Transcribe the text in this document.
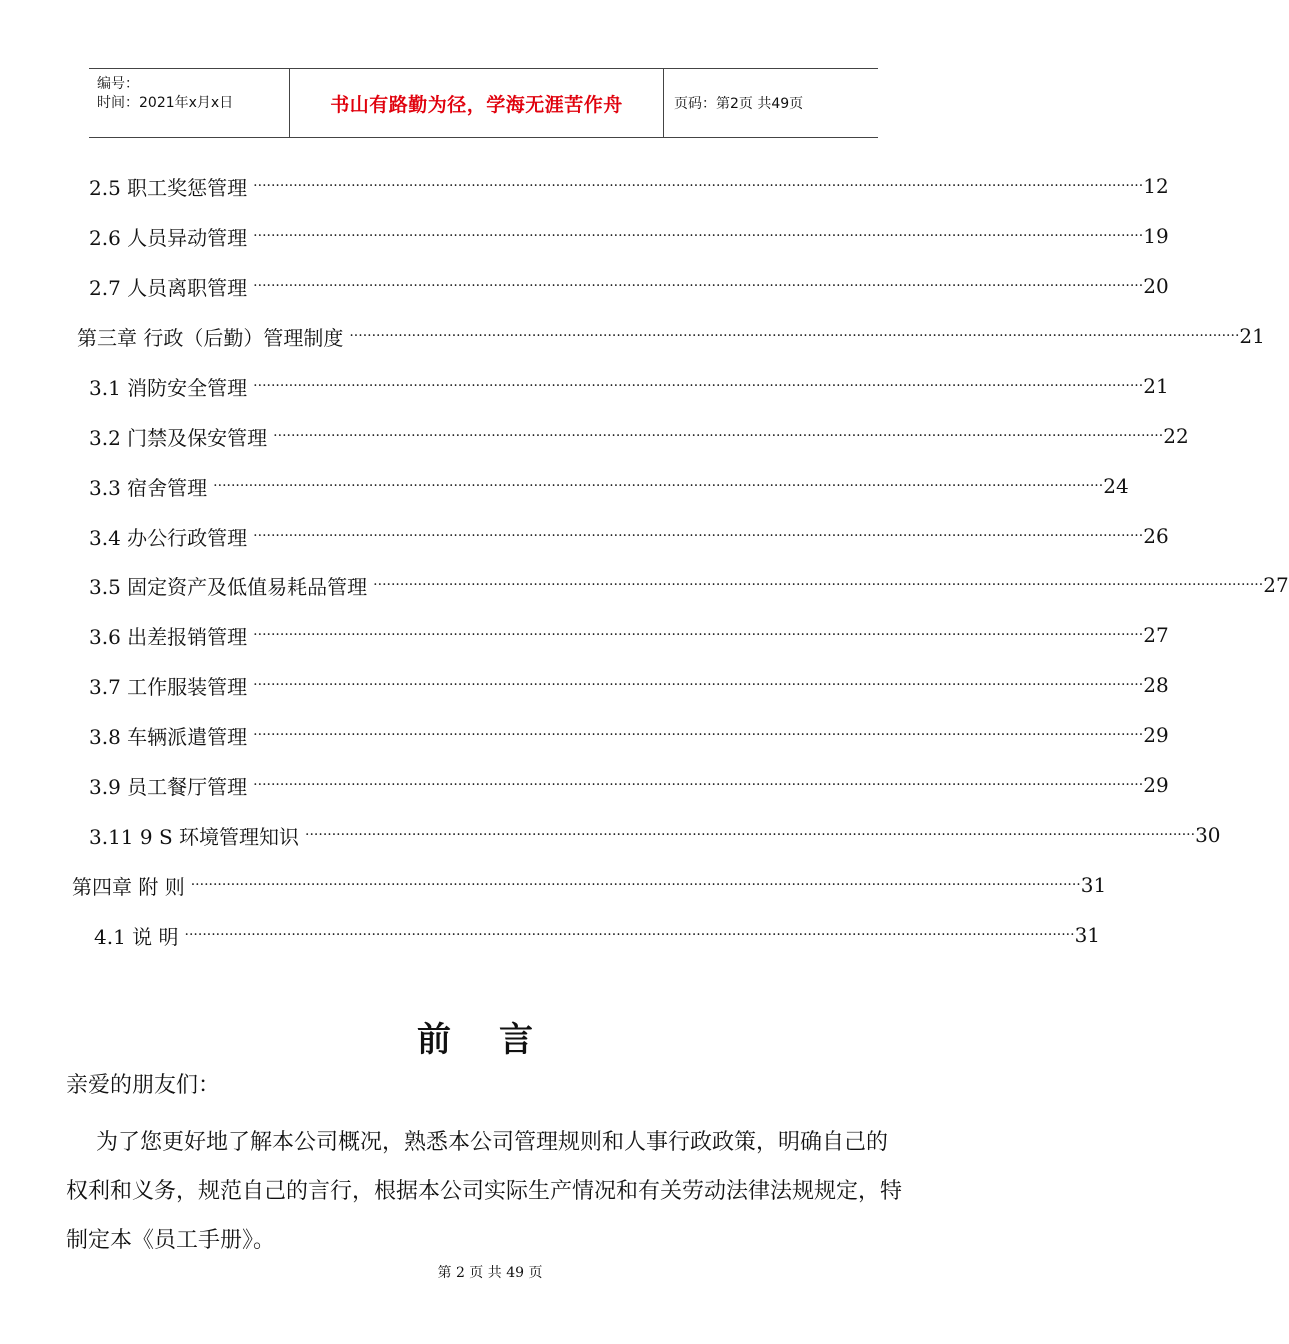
编号：
时间：2021年x月x日	书山有路勤为径，学海无涯苦作舟	页码：第2页 共49页
2.5 职工奖惩管理 ········································································································································································································ 12
2.6 人员异动管理 ········································································································································································································ 19
2.7 人员离职管理 ········································································································································································································ 20
第三章 行政（后勤）管理制度 ········································································································································································································ 21
3.1 消防安全管理 ········································································································································································································ 21
3.2 门禁及保安管理 ········································································································································································································ 22
3.3 宿舍管理 ········································································································································································································ 24
3.4 办公行政管理 ········································································································································································································ 26
3.5 固定资产及低值易耗品管理 ········································································································································································································ 27
3.6 出差报销管理 ········································································································································································································ 27
3.7 工作服装管理 ········································································································································································································ 28
3.8 车辆派遣管理 ········································································································································································································ 29
3.9 员工餐厅管理 ········································································································································································································ 29
3.11 9 S 环境管理知识 ········································································································································································································ 30
第四章 附 则 ········································································································································································································ 31
4.1 说 明 ········································································································································································································ 31
前言
亲爱的朋友们：
为了您更好地了解本公司概况，熟悉本公司管理规则和人事行政政策，明确自己的权利和义务，规范自己的言行，根据本公司实际生产情况和有关劳动法律法规规定，特制定本《员工手册》。
第 2 页 共 49 页
